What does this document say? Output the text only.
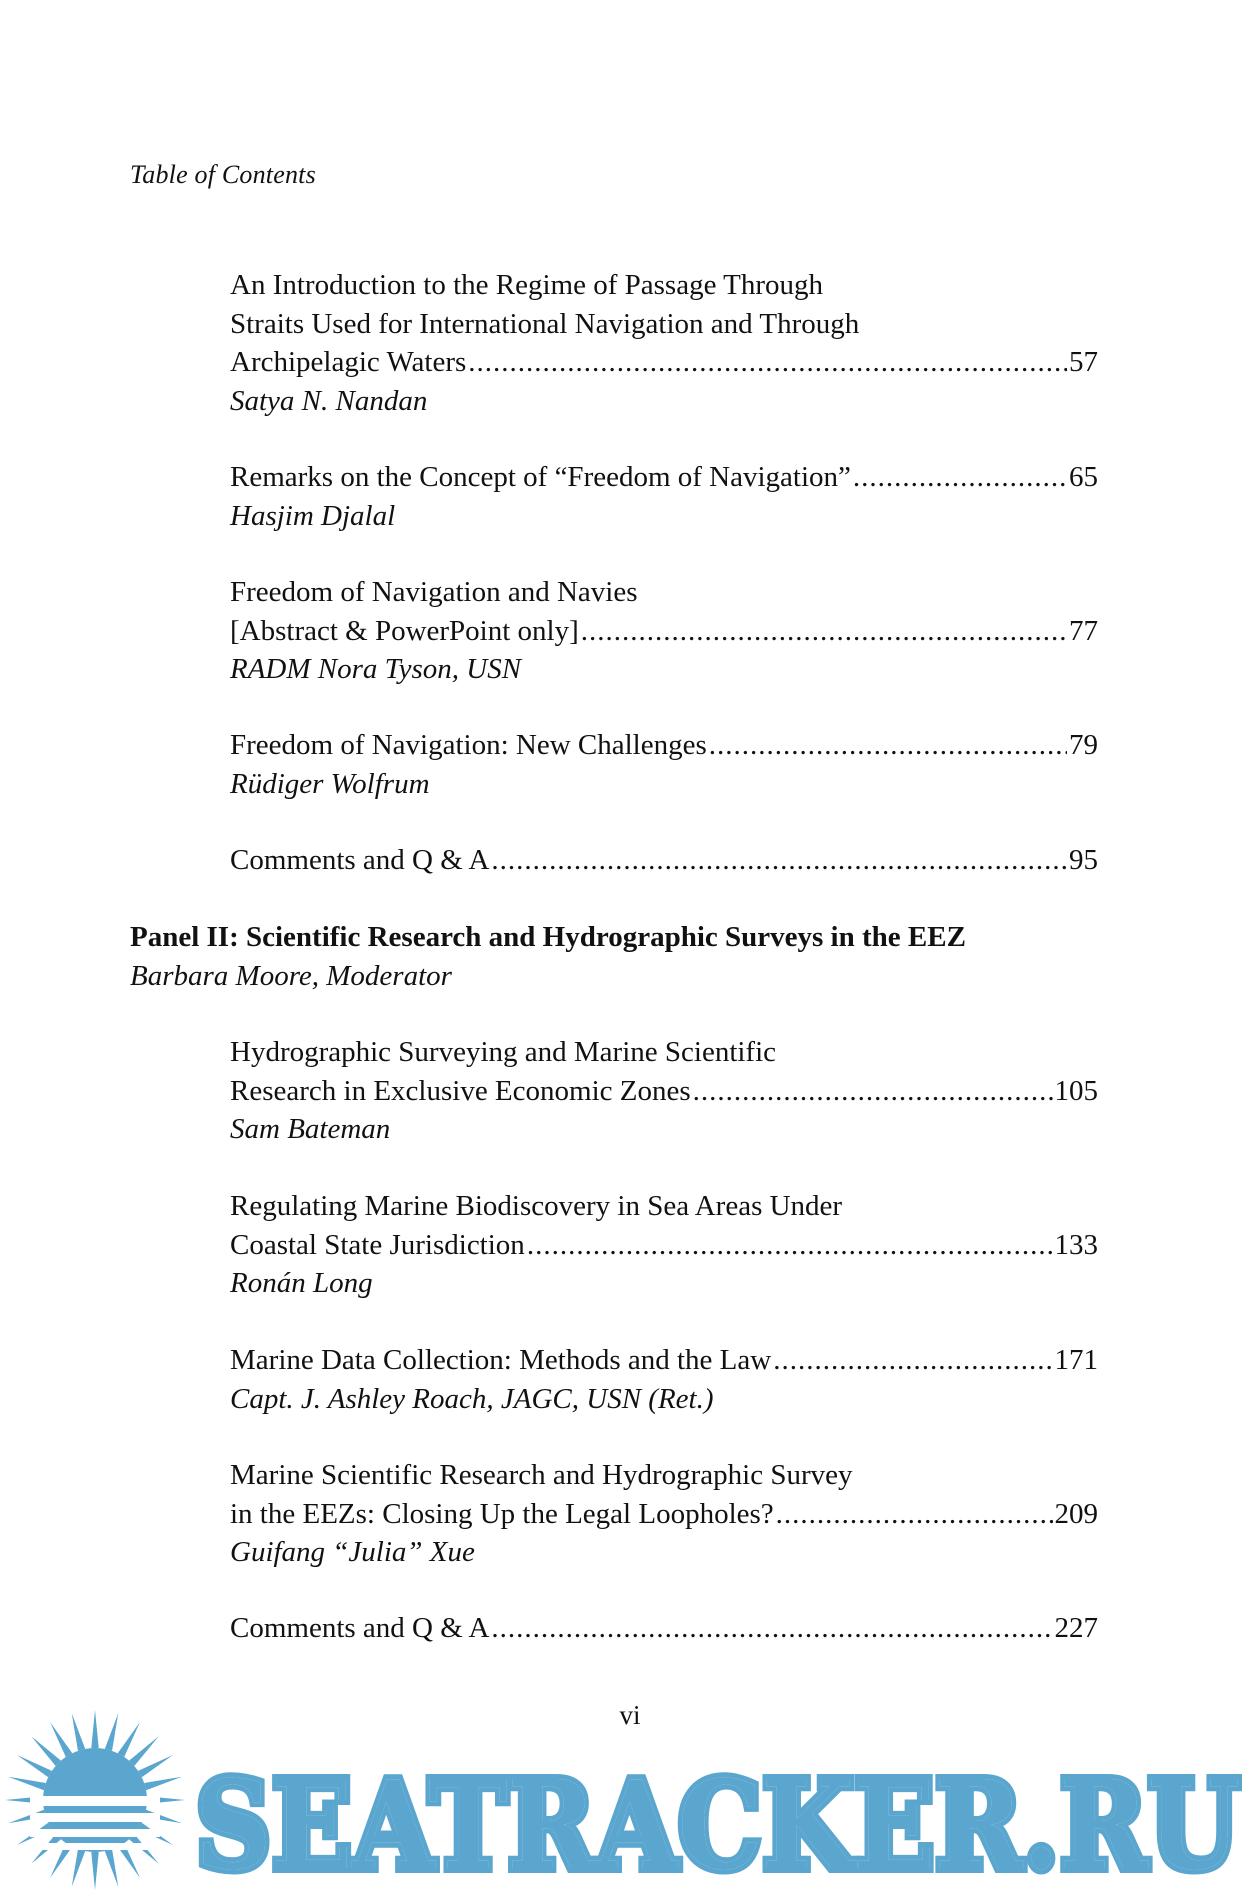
Table of Contents
An Introduction to the Regime of Passage Through
Straits Used for International Navigation and Through
Archipelagic Waters .....	57
Satya N. Nandan
Remarks on the Concept of “Freedom of Navigation” .....	65
Hasjim Djalal
Freedom of Navigation and Navies
[Abstract & PowerPoint only] .....	77
RADM Nora Tyson, USN
Freedom of Navigation: New Challenges .....	79
Rüdiger Wolfrum
Comments and Q & A .....	95
Panel II: Scientific Research and Hydrographic Surveys in the EEZ
Barbara Moore, Moderator
Hydrographic Surveying and Marine Scientific
Research in Exclusive Economic Zones .....	105
Sam Bateman
Regulating Marine Biodiscovery in Sea Areas Under
Coastal State Jurisdiction .....	133
Ronán Long
Marine Data Collection: Methods and the Law .....	171
Capt. J. Ashley Roach, JAGC, USN (Ret.)
Marine Scientific Research and Hydrographic Survey
in the EEZs: Closing Up the Legal Loopholes? .....	209
Guifang “Julia” Xue
Comments and Q & A .....	227
SEATRACKER.RU
SEATRACKER.RU
vi
